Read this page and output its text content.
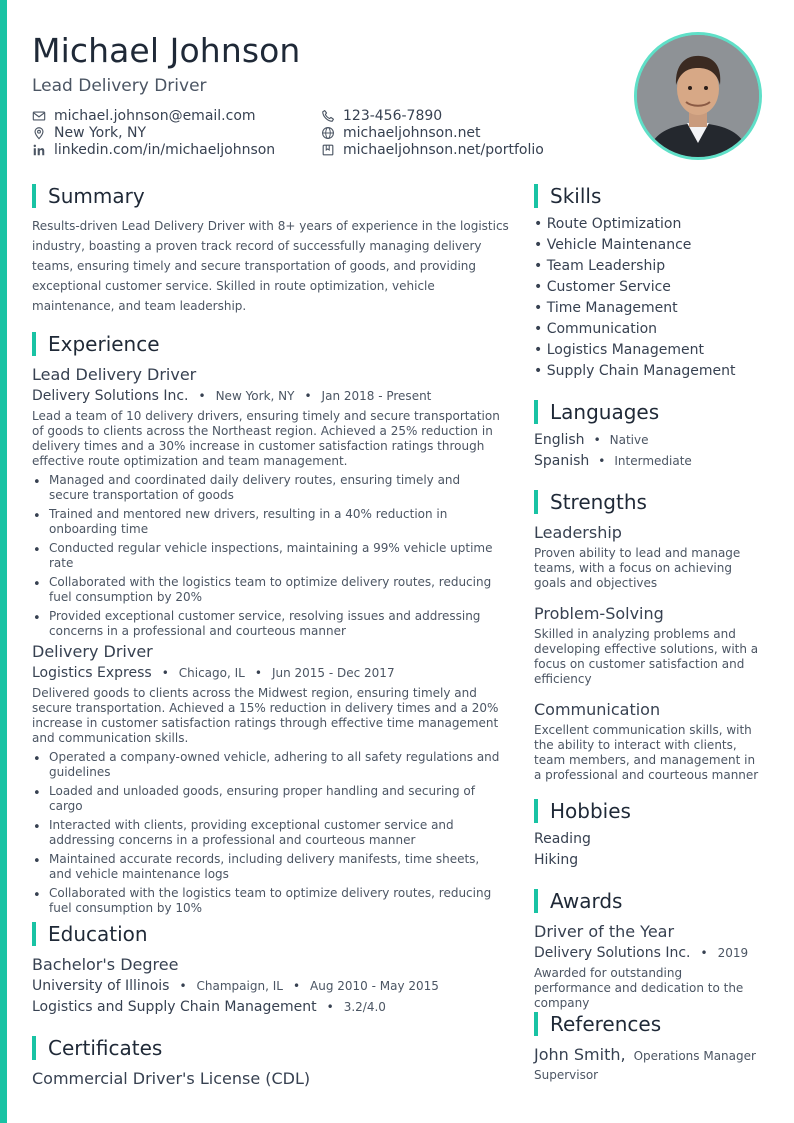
Michael Johnson
Lead Delivery Driver
michael.johnson@email.com
New York, NY
linkedin.com/in/michaeljohnson
123-456-7890
michaeljohnson.net
michaeljohnson.net/portfolio
Summary
Results-driven Lead Delivery Driver with 8+ years of experience in the logistics industry, boasting a proven track record of successfully managing delivery teams, ensuring timely and secure transportation of goods, and providing exceptional customer service. Skilled in route optimization, vehicle maintenance, and team leadership.
Experience
Lead Delivery Driver
Delivery Solutions Inc. • New York, NY • Jan 2018 - Present
Lead a team of 10 delivery drivers, ensuring timely and secure transportation of goods to clients across the Northeast region. Achieved a 25% reduction in delivery times and a 30% increase in customer satisfaction ratings through effective route optimization and team management.
• Managed and coordinated daily delivery routes, ensuring timely and secure transportation of goods
• Trained and mentored new drivers, resulting in a 40% reduction in onboarding time
• Conducted regular vehicle inspections, maintaining a 99% vehicle uptime rate
• Collaborated with the logistics team to optimize delivery routes, reducing fuel consumption by 20%
• Provided exceptional customer service, resolving issues and addressing concerns in a professional and courteous manner
Delivery Driver
Logistics Express • Chicago, IL • Jun 2015 - Dec 2017
Delivered goods to clients across the Midwest region, ensuring timely and secure transportation. Achieved a 15% reduction in delivery times and a 20% increase in customer satisfaction ratings through effective time management and communication skills.
• Operated a company-owned vehicle, adhering to all safety regulations and guidelines
• Loaded and unloaded goods, ensuring proper handling and securing of cargo
• Interacted with clients, providing exceptional customer service and addressing concerns in a professional and courteous manner
• Maintained accurate records, including delivery manifests, time sheets, and vehicle maintenance logs
• Collaborated with the logistics team to optimize delivery routes, reducing fuel consumption by 10%
Education
Bachelor's Degree
University of Illinois • Champaign, IL • Aug 2010 - May 2015
Logistics and Supply Chain Management • 3.2/4.0
Certificates
Commercial Driver's License (CDL)
Skills
• Route Optimization
• Vehicle Maintenance
• Team Leadership
• Customer Service
• Time Management
• Communication
• Logistics Management
• Supply Chain Management
Languages
English • Native
Spanish • Intermediate
Strengths
Leadership
Proven ability to lead and manage teams, with a focus on achieving goals and objectives
Problem-Solving
Skilled in analyzing problems and developing effective solutions, with a focus on customer satisfaction and efficiency
Communication
Excellent communication skills, with the ability to interact with clients, team members, and management in a professional and courteous manner
Hobbies
Reading
Hiking
Awards
Driver of the Year
Delivery Solutions Inc. • 2019
Awarded for outstanding performance and dedication to the company
References
John Smith, Operations Manager
Supervisor
